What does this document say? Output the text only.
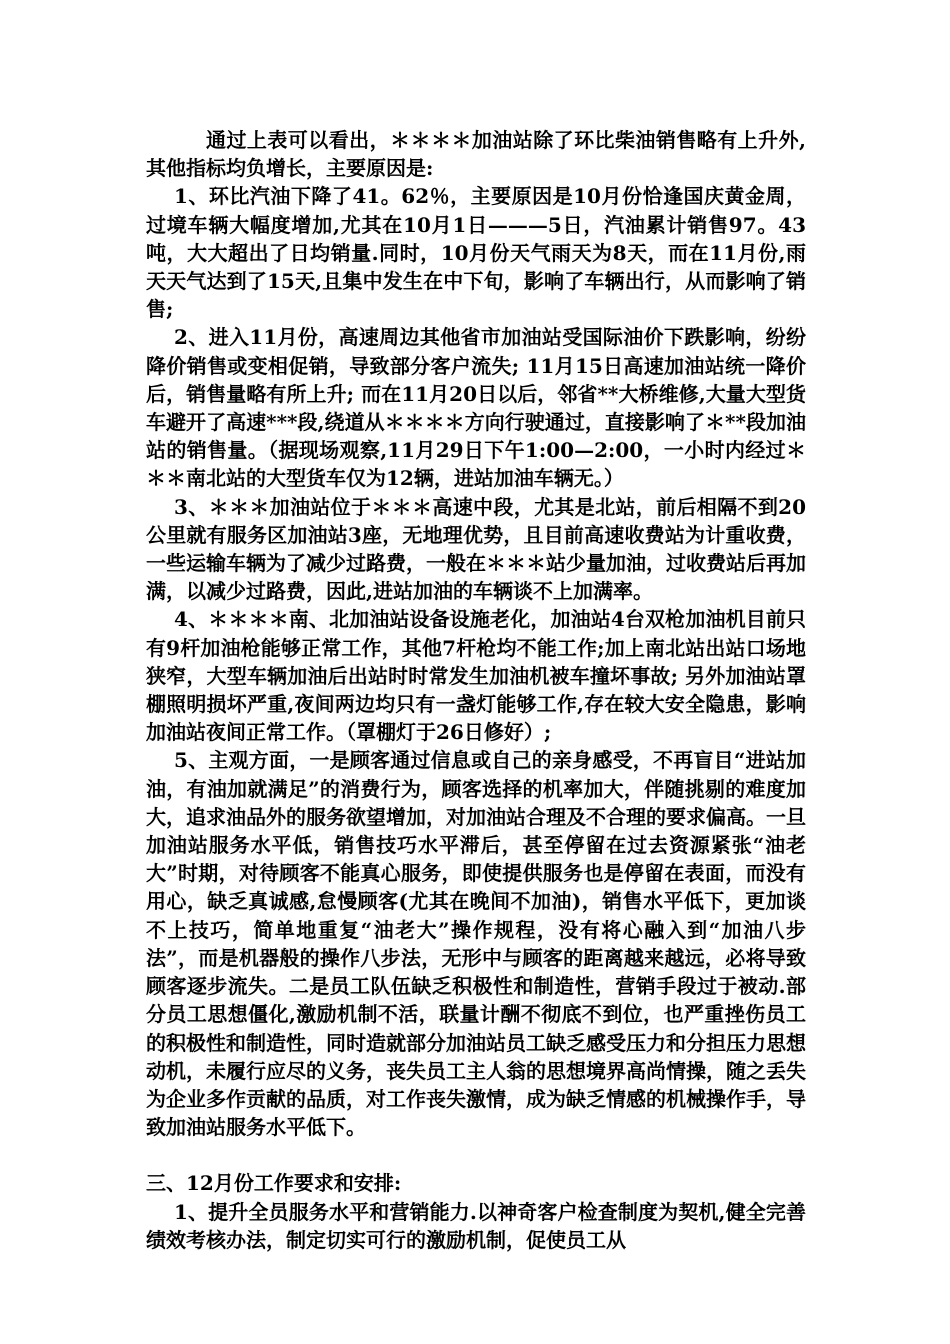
通过上表可以看出，＊＊＊＊加油站除了环比柴油销售略有上升外,其他指标均负增长，主要原因是:

1、环比汽油下降了41。62％，主要原因是10月份恰逢国庆黄金周，过境车辆大幅度增加,尤其在10月1日———5日，汽油累计销售97。43吨，大大超出了日均销量.同时，10月份天气雨天为8天，而在11月份,雨天天气达到了15天,且集中发生在中下旬，影响了车辆出行，从而影响了销售;

2、进入11月份，高速周边其他省市加油站受国际油价下跌影响，纷纷降价销售或变相促销，导致部分客户流失; 11月15日高速加油站统一降价后，销售量略有所上升; 而在11月20日以后，邻省**大桥维修,大量大型货车避开了高速***段,绕道从＊＊＊＊方向行驶通过，直接影响了＊**段加油站的销售量。（据现场观察,11月29日下午1:00—2:00，一小时内经过＊＊＊南北站的大型货车仅为12辆，进站加油车辆无。）

3、＊＊＊加油站位于＊＊＊高速中段，尤其是北站，前后相隔不到20公里就有服务区加油站3座，无地理优势，且目前高速收费站为计重收费，一些运输车辆为了减少过路费，一般在＊＊＊站少量加油，过收费站后再加满，以减少过路费，因此,进站加油的车辆谈不上加满率。

4、＊＊＊＊南、北加油站设备设施老化，加油站4台双枪加油机目前只有9杆加油枪能够正常工作，其他7杆枪均不能工作;加上南北站出站口场地狭窄，大型车辆加油后出站时时常发生加油机被车撞坏事故; 另外加油站罩棚照明损坏严重,夜间两边均只有一盏灯能够工作,存在较大安全隐患，影响加油站夜间正常工作。（罩棚灯于26日修好）;

5、主观方面，一是顾客通过信息或自己的亲身感受，不再盲目“进站加油，有油加就满足”的消费行为，顾客选择的机率加大，伴随挑剔的难度加大，追求油品外的服务欲望增加，对加油站合理及不合理的要求偏高。一旦加油站服务水平低，销售技巧水平滞后，甚至停留在过去资源紧张“油老大”时期，对待顾客不能真心服务，即使提供服务也是停留在表面，而没有用心，缺乏真诚感,怠慢顾客(尤其在晚间不加油)，销售水平低下，更加谈不上技巧，简单地重复“油老大”操作规程，没有将心融入到“加油八步法”，而是机器般的操作八步法，无形中与顾客的距离越来越远，必将导致顾客逐步流失。二是员工队伍缺乏积极性和制造性，营销手段过于被动.部分员工思想僵化,激励机制不活，联量计酬不彻底不到位，也严重挫伤员工的积极性和制造性，同时造就部分加油站员工缺乏感受压力和分担压力思想动机，未履行应尽的义务，丧失员工主人翁的思想境界高尚情操，随之丢失为企业多作贡献的品质，对工作丧失激情，成为缺乏情感的机械操作手，导致加油站服务水平低下。

三、12月份工作要求和安排:

1、提升全员服务水平和营销能力.以神奇客户检查制度为契机,健全完善绩效考核办法，制定切实可行的激励机制，促使员工从
